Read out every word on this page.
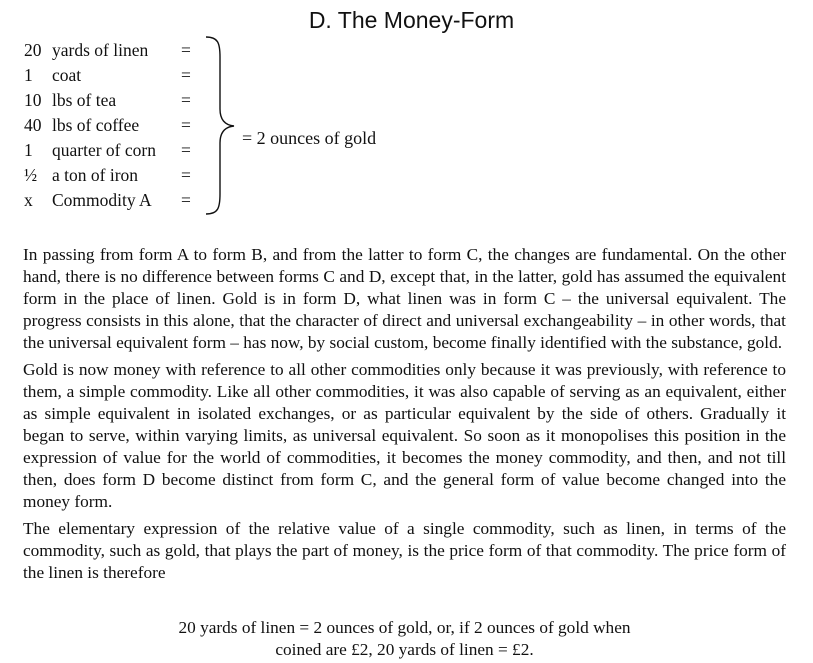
D. The Money-Form
20 yards of linen =
1 coat	=
10 lbs of tea	=
40 lbs of coffee =
1 quarter of corn =
½ a ton of iron =
x Commodity A =
= 2 ounces of gold

In passing from form A to form B, and from the latter to form C, the changes are fundamental. On the other hand, there is no difference between forms C and D, except that, in the latter, gold has assumed the equivalent form in the place of linen. Gold is in form D, what linen was in form C – the universal equivalent. The progress consists in this alone, that the character of direct and universal exchangeability – in other words, that the universal equivalent form – has now, by social custom, become finally identified with the substance, gold.

Gold is now money with reference to all other commodities only because it was previously, with reference to them, a simple commodity. Like all other commodities, it was also capable of serving as an equivalent, either as simple equivalent in isolated exchanges, or as particular equivalent by the side of others. Gradually it began to serve, within varying limits, as universal equivalent. So soon as it monopolises this position in the expression of value for the world of commodities, it becomes the money commodity, and then, and not till then, does form D become distinct from form C, and the general form of value become changed into the money form.

The elementary expression of the relative value of a single commodity, such as linen, in terms of the commodity, such as gold, that plays the part of money, is the price form of that commodity. The price form of the linen is therefore

20 yards of linen = 2 ounces of gold, or, if 2 ounces of gold when
coined are £2, 20 yards of linen = £2.
